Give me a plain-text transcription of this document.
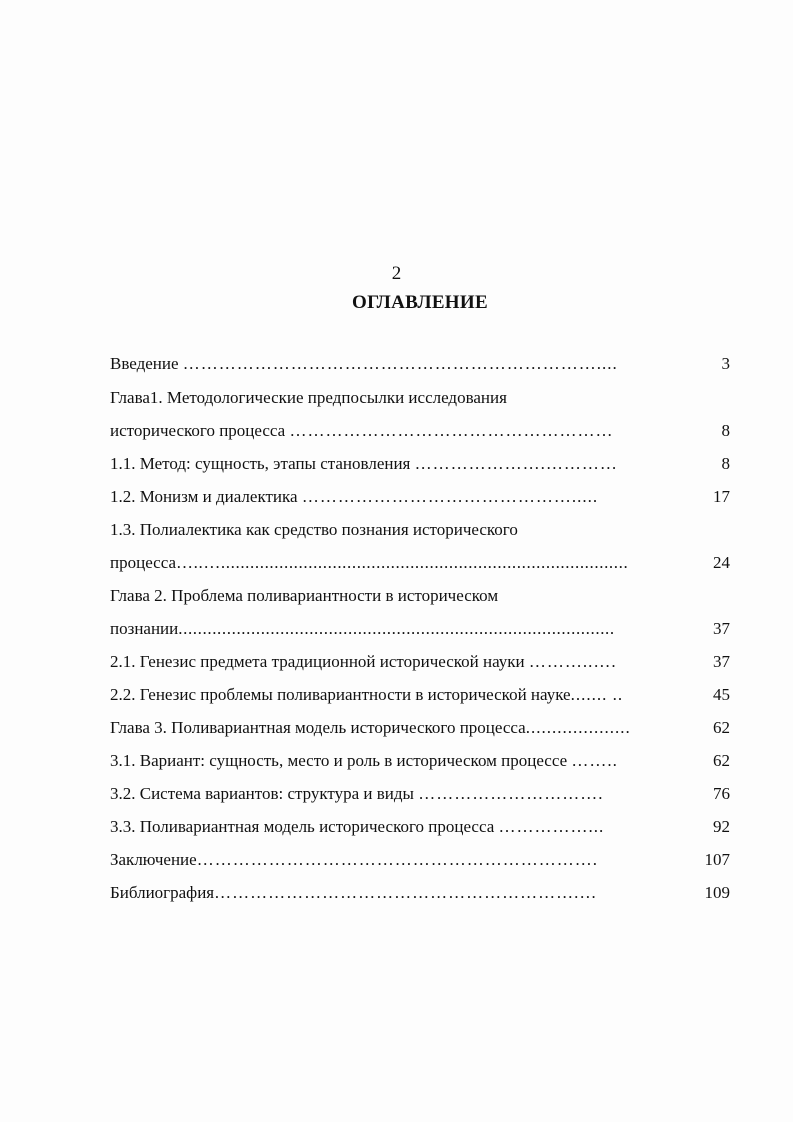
2
ОГЛАВЛЕНИЕ
Введение ……………………………………………………………....	3
Глава1. Методологические предпосылки исследования
исторического процесса ………………………………………………	8
1.1. Метод: сущность, этапы становления ………………….…………	8
1.2. Монизм и диалектика ……………………………………….....	17
1.3. Полиалектика как средство познания исторического
процесса…..…....................................................................................	24
Глава 2. Проблема поливариантности в историческом
познании..........................................................................................	37
2.1. Генезис предмета традиционной исторической науки ………..….	37
2.2. Генезис проблемы поливариантности в исторической науке....... ..	45
Глава 3. Поливариантная модель исторического процесса....................	62
3.1. Вариант: сущность, место и роль в историческом процессе ……..	62
3.2. Система вариантов: структура и виды ………………………….	76
3.3. Поливариантная модель исторического процесса ……………...	92
Заключение………………………………………………………….	107
Библиография…………………………………………………….…	109
